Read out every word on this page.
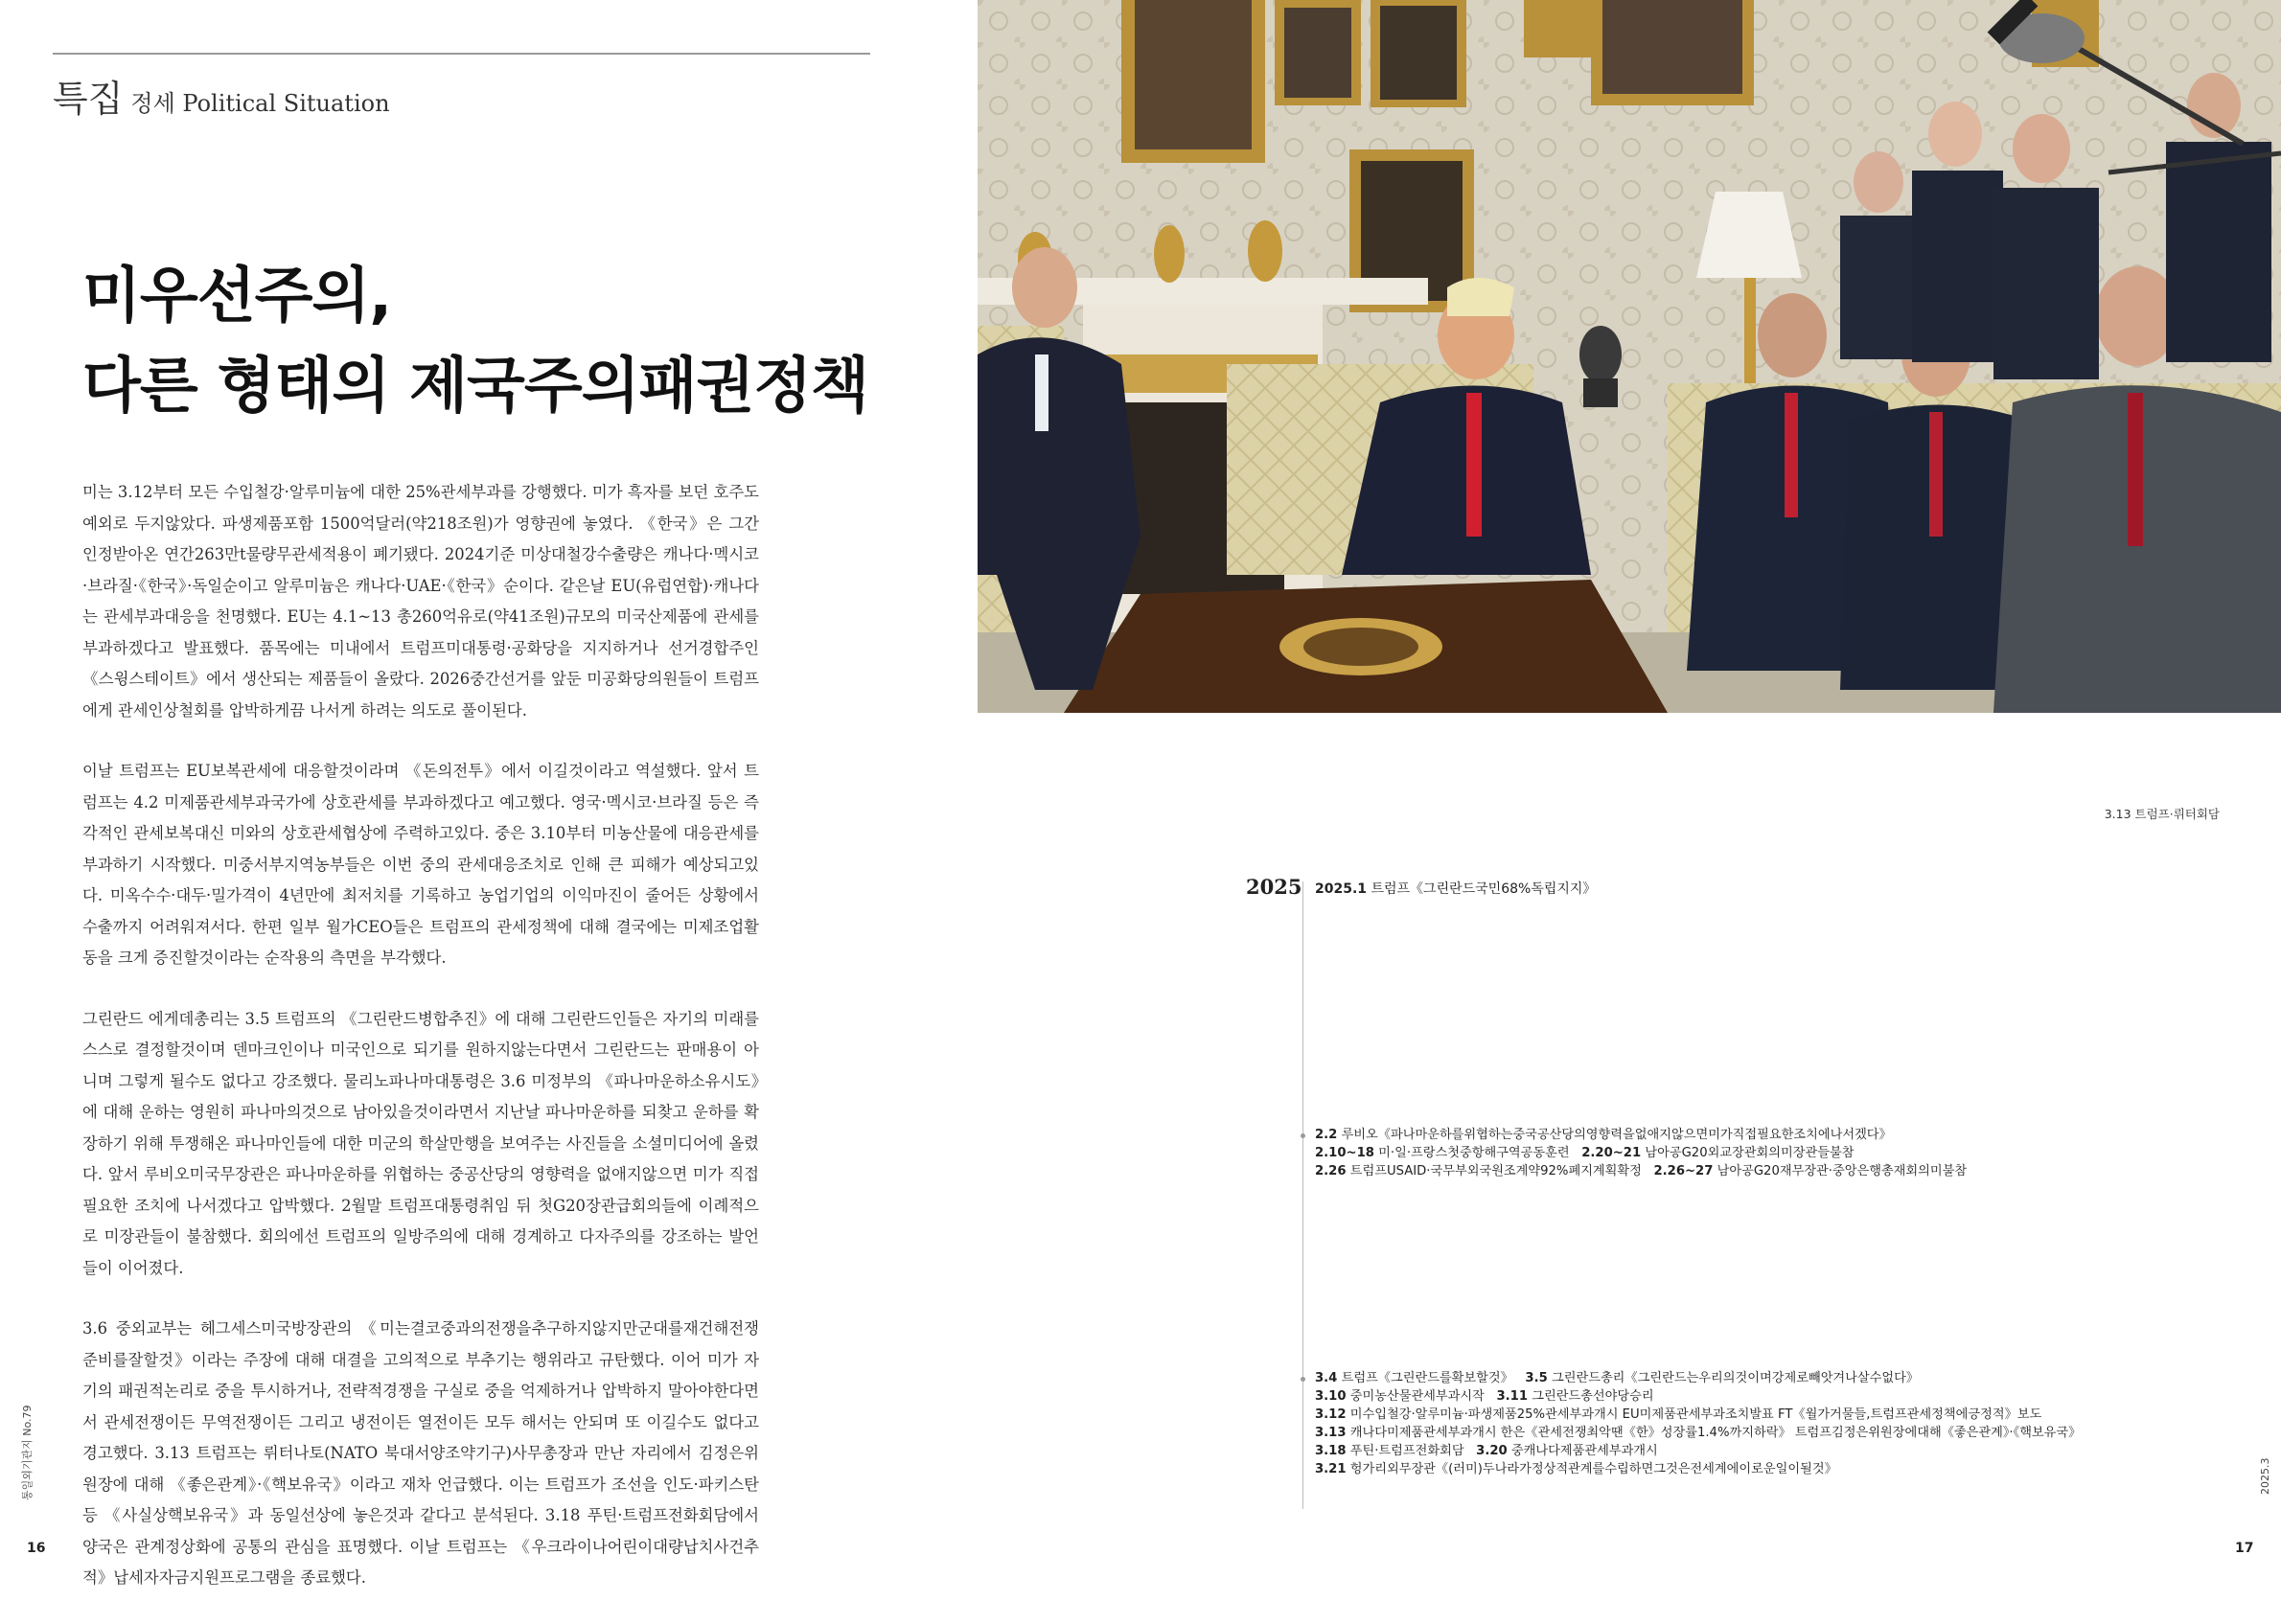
특집 정세 Political Situation
미우선주의,
다른 형태의 제국주의패권정책

미는 3.12부터 모든 수입철강·알루미늄에 대한 25%관세부과를 강행했다. 미가 흑자를 보던 호주도 예외로 두지않았다. 파생제품포함 1500억달러(약218조원)가 영향권에 놓였다. 《한국》은 그간 인정받아온 연간263만t물량무관세적용이 폐기됐다. 2024기준 미상대철강수출량은 캐나다·멕시코·브라질·《한국》·독일순이고 알루미늄은 캐나다·UAE·《한국》순이다. 같은날 EU(유럽연합)·캐나다는 관세부과대응을 천명했다. EU는 4.1~13 총260억유로(약41조원)규모의 미국산제품에 관세를 부과하겠다고 발표했다. 품목에는 미내에서 트럼프미대통령·공화당을 지지하거나 선거경합주인 《스윙스테이트》에서 생산되는 제품들이 올랐다. 2026중간선거를 앞둔 미공화당의원들이 트럼프에게 관세인상철회를 압박하게끔 나서게 하려는 의도로 풀이된다.

이날 트럼프는 EU보복관세에 대응할것이라며 《돈의전투》에서 이길것이라고 역설했다. 앞서 트럼프는 4.2 미제품관세부과국가에 상호관세를 부과하겠다고 예고했다. 영국·멕시코·브라질 등은 즉각적인 관세보복대신 미와의 상호관세협상에 주력하고있다. 중은 3.10부터 미농산물에 대응관세를 부과하기 시작했다. 미중서부지역농부들은 이번 중의 관세대응조치로 인해 큰 피해가 예상되고있다. 미옥수수·대두·밀가격이 4년만에 최저치를 기록하고 농업기업의 이익마진이 줄어든 상황에서 수출까지 어려워져서다. 한편 일부 월가CEO들은 트럼프의 관세정책에 대해 결국에는 미제조업활동을 크게 증진할것이라는 순작용의 측면을 부각했다.

그린란드 에게데총리는 3.5 트럼프의 《그린란드병합추진》에 대해 그린란드인들은 자기의 미래를 스스로 결정할것이며 덴마크인이나 미국인으로 되기를 원하지않는다면서 그린란드는 판매용이 아니며 그렇게 될수도 없다고 강조했다. 물리노파나마대통령은 3.6 미정부의 《파나마운하소유시도》에 대해 운하는 영원히 파나마의것으로 남아있을것이라면서 지난날 파나마운하를 되찾고 운하를 확장하기 위해 투쟁해온 파나마인들에 대한 미군의 학살만행을 보여주는 사진들을 소셜미디어에 올렸다. 앞서 루비오미국무장관은 파나마운하를 위협하는 중공산당의 영향력을 없애지않으면 미가 직접 필요한 조치에 나서겠다고 압박했다. 2월말 트럼프대통령취임 뒤 첫G20장관급회의들에 이례적으로 미장관들이 불참했다. 회의에선 트럼프의 일방주의에 대해 경계하고 다자주의를 강조하는 발언들이 이어졌다.

3.6 중외교부는 헤그세스미국방장관의 《미는결코중과의전쟁을추구하지않지만군대를재건해전쟁준비를잘할것》이라는 주장에 대해 대결을 고의적으로 부추기는 행위라고 규탄했다. 이어 미가 자기의 패권적논리로 중을 투시하거나, 전략적경쟁을 구실로 중을 억제하거나 압박하지 말아야한다면서 관세전쟁이든 무역전쟁이든 그리고 냉전이든 열전이든 모두 해서는 안되며 또 이길수도 없다고 경고했다. 3.13 트럼프는 뤼터나토(NATO 북대서양조약기구)사무총장과 만난 자리에서 김정은위원장에 대해 《좋은관계》·《핵보유국》이라고 재차 언급했다. 이는 트럼프가 조선을 인도·파키스탄등 《사실상핵보유국》과 동일선상에 놓은것과 같다고 분석된다. 3.18 푸틴·트럼프전화회담에서 양국은 관계정상화에 공통의 관심을 표명했다. 이날 트럼프는 《우크라이나어린이대량납치사건추적》납세자자금지원프로그램을 종료했다.

통일외기관지 No.79
16
3.13 트럼프·뤼터회담
2025 2025.1 트럼프《그린란드국민68%독립지지》
2.2 루비오《파나마운하를위협하는중국공산당의영향력을없애지않으면미가직접필요한조치에나서겠다》
2.10~18 미·일·프랑스첫중항해구역공동훈련 2.20~21 남아공G20외교장관회의미장관들불참
2.26 트럼프USAID·국무부외국원조계약92%폐지계획확정 2.26~27 남아공G20재무장관·중앙은행총재회의미불참
3.4 트럼프《그린란드를확보할것》 3.5 그린란드총리《그린란드는우리의것이며강제로빼앗겨나살수없다》
3.10 중미농산물관세부과시작 3.11 그린란드총선야당승리
3.12 미수입철강·알루미늄·파생제품25%관세부과개시 EU미제품관세부과조치발표 FT《월가거물들,트럼프관세정책에긍정적》보도
3.13 캐나다미제품관세부과개시 한은《관세전쟁최악땐《한》성장률1.4%까지하락》 트럼프김정은위원장에대해《좋은관계》·《핵보유국》
3.18 푸틴·트럼프전화회담 3.20 중캐나다제품관세부과개시
3.21 헝가리외무장관《(러미)두나라가정상적관계를수립하면그것은전세계에이로운일이될것》	2025.3
17
